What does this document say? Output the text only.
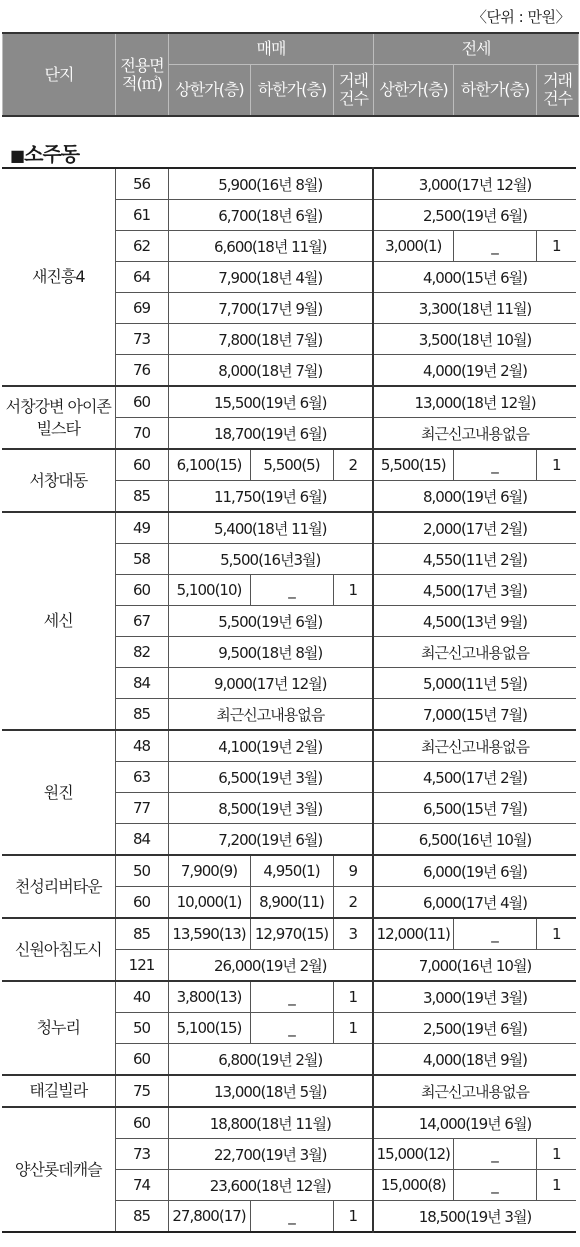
〈단위 : 만원〉
단지	전용면적(㎡)	매매			전세		
		상한가(층)	하한가(층)	거래건수	상한가(층)	하한가(층)	거래건수
■소주동
새진흥4	56	5,900(16년 8월)			3,000(17년 12월)		
	61	6,700(18년 6월)			2,500(19년 6월)		
	62	6,600(18년 11월)			3,000(1)	_	1
	64	7,900(18년 4월)			4,000(15년 6월)		
	69	7,700(17년 9월)			3,300(18년 11월)		
	73	7,800(18년 7월)			3,500(18년 10월)		
	76	8,000(18년 7월)			4,000(19년 2월)		
서창강변 아이존빌스타	60	15,500(19년 6월)			13,000(18년 12월)		
	70	18,700(19년 6월)			최근신고내용없음		
서창대동	60	6,100(15)	5,500(5)	2	5,500(15)	_	1
	85	11,750(19년 6월)			8,000(19년 6월)		
세신	49	5,400(18년 11월)			2,000(17년 2월)		
	58	5,500(16년3월)			4,550(11년 2월)		
	60	5,100(10)	_	1	4,500(17년 3월)		
	67	5,500(19년 6월)			4,500(13년 9월)		
	82	9,500(18년 8월)			최근신고내용없음		
	84	9,000(17년 12월)			5,000(11년 5월)		
	85	최근신고내용없음			7,000(15년 7월)		
원진	48	4,100(19년 2월)			최근신고내용없음		
	63	6,500(19년 3월)			4,500(17년 2월)		
	77	8,500(19년 3월)			6,500(15년 7월)		
	84	7,200(19년 6월)			6,500(16년 10월)		
천성리버타운	50	7,900(9)	4,950(1)	9	6,000(19년 6월)		
	60	10,000(1)	8,900(11)	2	6,000(17년 4월)		
신원아침도시	85	13,590(13)	12,970(15)	3	12,000(11)	_	1
	121	26,000(19년 2월)			7,000(16년 10월)		
청누리	40	3,800(13)	_	1	3,000(19년 3월)		
	50	5,100(15)	_	1	2,500(19년 6월)		
	60	6,800(19년 2월)			4,000(18년 9월)		
태길빌라	75	13,000(18년 5월)			최근신고내용없음		
양산롯데캐슬	60	18,800(18년 11월)			14,000(19년 6월)		
	73	22,700(19년 3월)			15,000(12)	_	1
	74	23,600(18년 12월)			15,000(8)	_	1
	85	27,800(17)	_	1	18,500(19년 3월)		
